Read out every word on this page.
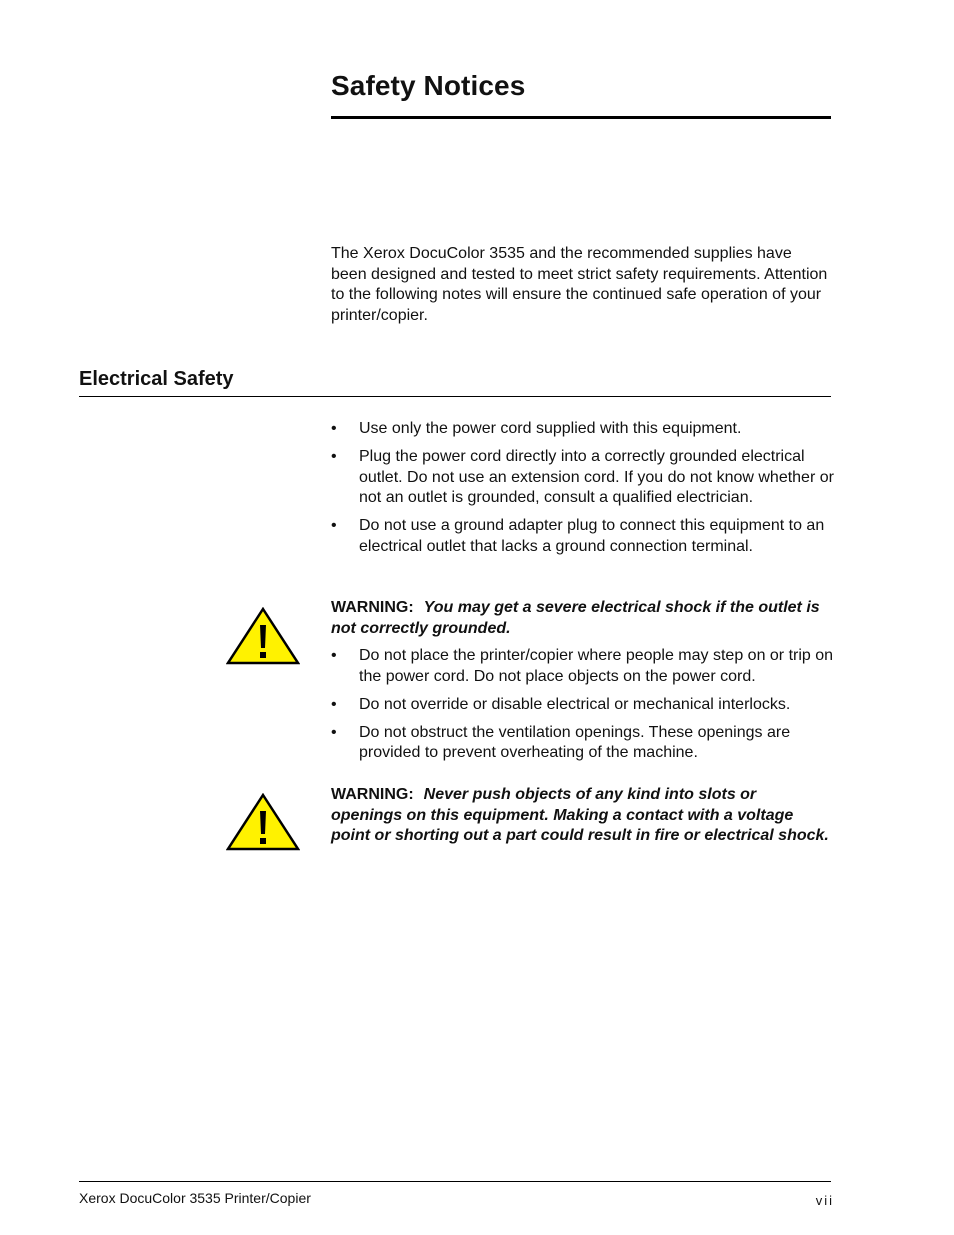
Safety Notices

The Xerox DocuColor 3535 and the recommended supplies have been designed and tested to meet strict safety requirements. Attention to the following notes will ensure the continued safe operation of your printer/copier.

Electrical Safety
• Use only the power cord supplied with this equipment.
• Plug the power cord directly into a correctly grounded electrical outlet. Do not use an extension cord. If you do not know whether or not an outlet is grounded, consult a qualified electrician.
• Do not use a ground adapter plug to connect this equipment to an electrical outlet that lacks a ground connection terminal.

WARNING: You may get a severe electrical shock if the outlet is not correctly grounded.

• Do not place the printer/copier where people may step on or trip on the power cord. Do not place objects on the power cord.
• Do not override or disable electrical or mechanical interlocks.
• Do not obstruct the ventilation openings. These openings are provided to prevent overheating of the machine.

WARNING: Never push objects of any kind into slots or openings on this equipment. Making a contact with a voltage point or shorting out a part could result in fire or electrical shock.

Xerox DocuColor 3535 Printer/Copier	vii
